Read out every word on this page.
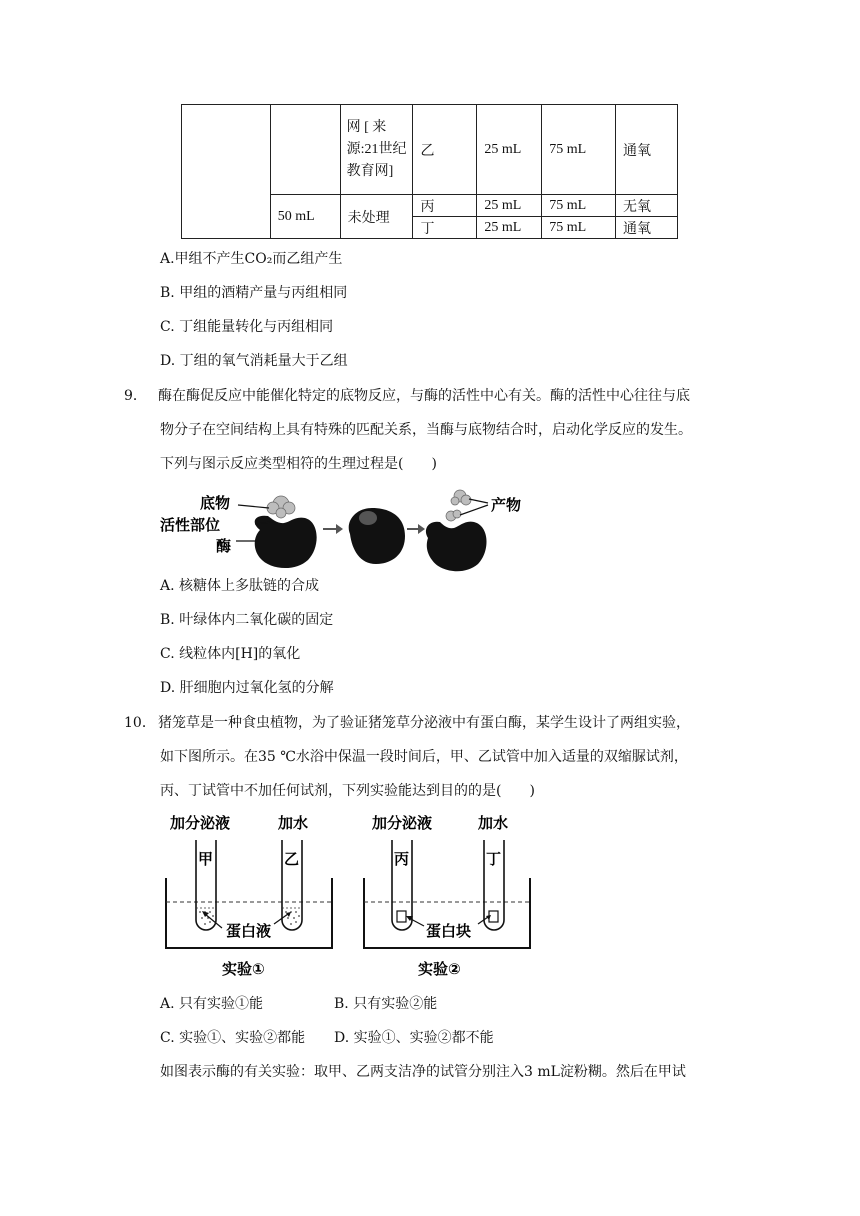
		网 [ 来源:21世纪教育网]	乙	25 mL	75 mL	通氧
	50 mL	未处理	丙	25 mL	75 mL	无氧
			丁	25 mL	75 mL	通氧
A.甲组不产生CO₂而乙组产生
B. 甲组的酒精产量与丙组相同
C. 丁组能量转化与丙组相同
D. 丁组的氧气消耗量大于乙组
9． 酶在酶促反应中能催化特定的底物反应，与酶的活性中心有关。酶的活性中心往往与底
物分子在空间结构上具有特殊的匹配关系，当酶与底物结合时，启动化学反应的发生。
下列与图示反应类型相符的生理过程是(　　)
底物
活性部位
酶
产物
A. 核糖体上多肽链的合成
B. 叶绿体内二氧化碳的固定
C. 线粒体内[H]的氧化
D. 肝细胞内过氧化氢的分解
10． 猪笼草是一种食虫植物，为了验证猪笼草分泌液中有蛋白酶，某学生设计了两组实验，
如下图所示。在35 ℃水浴中保温一段时间后，甲、乙试管中加入适量的双缩脲试剂，
丙、丁试管中不加任何试剂，下列实验能达到目的的是(　　)
加分泌液	加水
甲	乙
蛋白液
实验①
加分泌液	加水
丙	丁
蛋白块
实验②
A. 只有实验①能	B. 只有实验②能
C. 实验①、实验②都能 D. 实验①、实验②都不能
如图表示酶的有关实验：取甲、乙两支洁净的试管分别注入3 mL淀粉糊。然后在甲试
